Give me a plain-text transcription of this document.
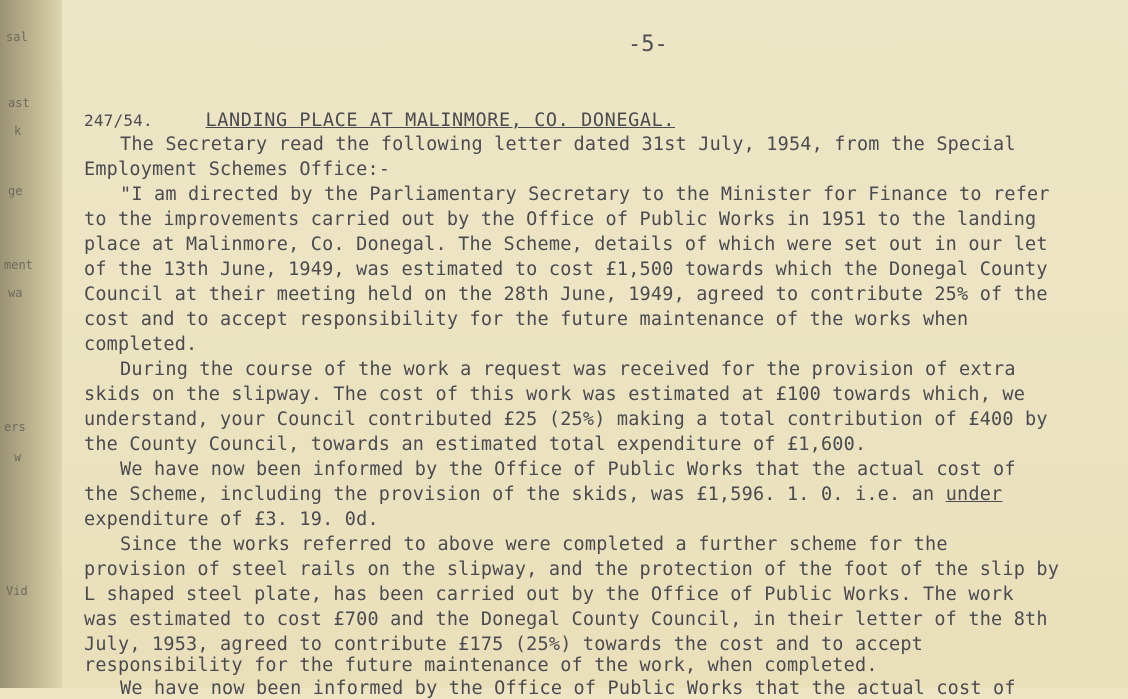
sal
ast
k
ge
ment
wa
ers
w
Vid
-5-
247/54.	LANDING PLACE AT MALINMORE, CO. DONEGAL.
The Secretary read the following letter dated 31st July, 1954, from the Special
Employment Schemes Office:-
"I am directed by the Parliamentary Secretary to the Minister for Finance to refer
to the improvements carried out by the Office of Public Works in 1951 to the landing
place at Malinmore, Co. Donegal. The Scheme, details of which were set out in our let
of the 13th June, 1949, was estimated to cost £1,500 towards which the Donegal County
Council at their meeting held on the 28th June, 1949, agreed to contribute 25% of the
cost and to accept responsibility for the future maintenance of the works when
completed.
During the course of the work a request was received for the provision of extra
skids on the slipway. The cost of this work was estimated at £100 towards which, we
understand, your Council contributed £25 (25%) making a total contribution of £400 by
the County Council, towards an estimated total expenditure of £1,600.
We have now been informed by the Office of Public Works that the actual cost of
the Scheme, including the provision of the skids, was £1,596. 1. 0. i.e. an under
expenditure of £3. 19. 0d.
Since the works referred to above were completed a further scheme for the
provision of steel rails on the slipway, and the protection of the foot of the slip by
L shaped steel plate, has been carried out by the Office of Public Works. The work
was estimated to cost £700 and the Donegal County Council, in their letter of the 8th
July, 1953, agreed to contribute £175 (25%) towards the cost and to accept
responsibility for the future maintenance of the work, when completed.
We have now been informed by the Office of Public Works that the actual cost of
